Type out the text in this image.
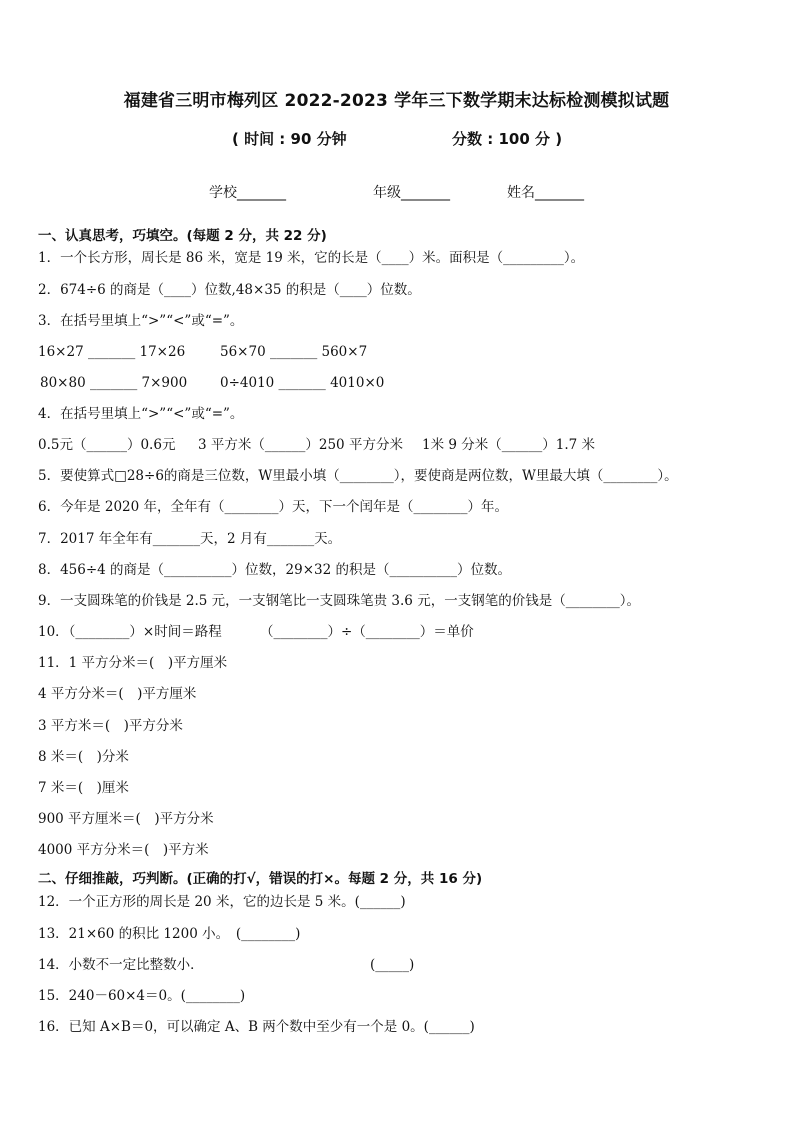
福建省三明市梅列区 2022-2023 学年三下数学期末达标检测模拟试题
( 时间 : 90 分钟	分数 : 100 分 )
学校_______	年级_______	姓名_______
一、认真思考，巧填空。(每题 2 分，共 22 分)
1．一个长方形，周长是 86 米，宽是 19 米，它的长是（____）米。面积是（_________）。
2．674÷6 的商是（____）位数,48×35 的积是（____）位数。
3．在括号里填上“>”“<”或“=”。
16×27 _______ 17×26	56×70 _______ 560×7
80×80 _______ 7×900 0÷4010 _______ 4010×0
4．在括号里填上“>”“<”或“=”。
0.5元（______）0.6元 3 平方米（______）250 平方分米 1米 9 分米（______）1.7 米
5．要使算式□28÷6的商是三位数，W里最小填（________），要使商是两位数，W里最大填（________）。
6．今年是 2020 年，全年有（________）天，下一个闰年是（________）年。
7．2017 年全年有_______天，2 月有_______天。
8．456÷4 的商是（__________）位数，29×32 的积是（__________）位数。
9．一支圆珠笔的价钱是 2.5 元，一支钢笔比一支圆珠笔贵 3.6 元，一支钢笔的价钱是（________）。
10．（________）×时间＝路程	（________）÷（________）＝单价
11．1 平方分米＝(　)平方厘米
4 平方分米＝(　)平方厘米
3 平方米＝(　)平方分米
8 米＝(　)分米
7 米＝(　)厘米
900 平方厘米＝(　)平方分米
4000 平方分米＝(　)平方米
二、仔细推敲，巧判断。(正确的打√，错误的打×。每题 2 分，共 16 分)
12．一个正方形的周长是 20 米，它的边长是 5 米。(______)
13．21×60 的积比 1200 小。　(________)
14．小数不一定比整数小．	(_____)
15．240－60×4＝0。(________)
16．已知 A×B＝0，可以确定 A、B 两个数中至少有一个是 0。(______)
